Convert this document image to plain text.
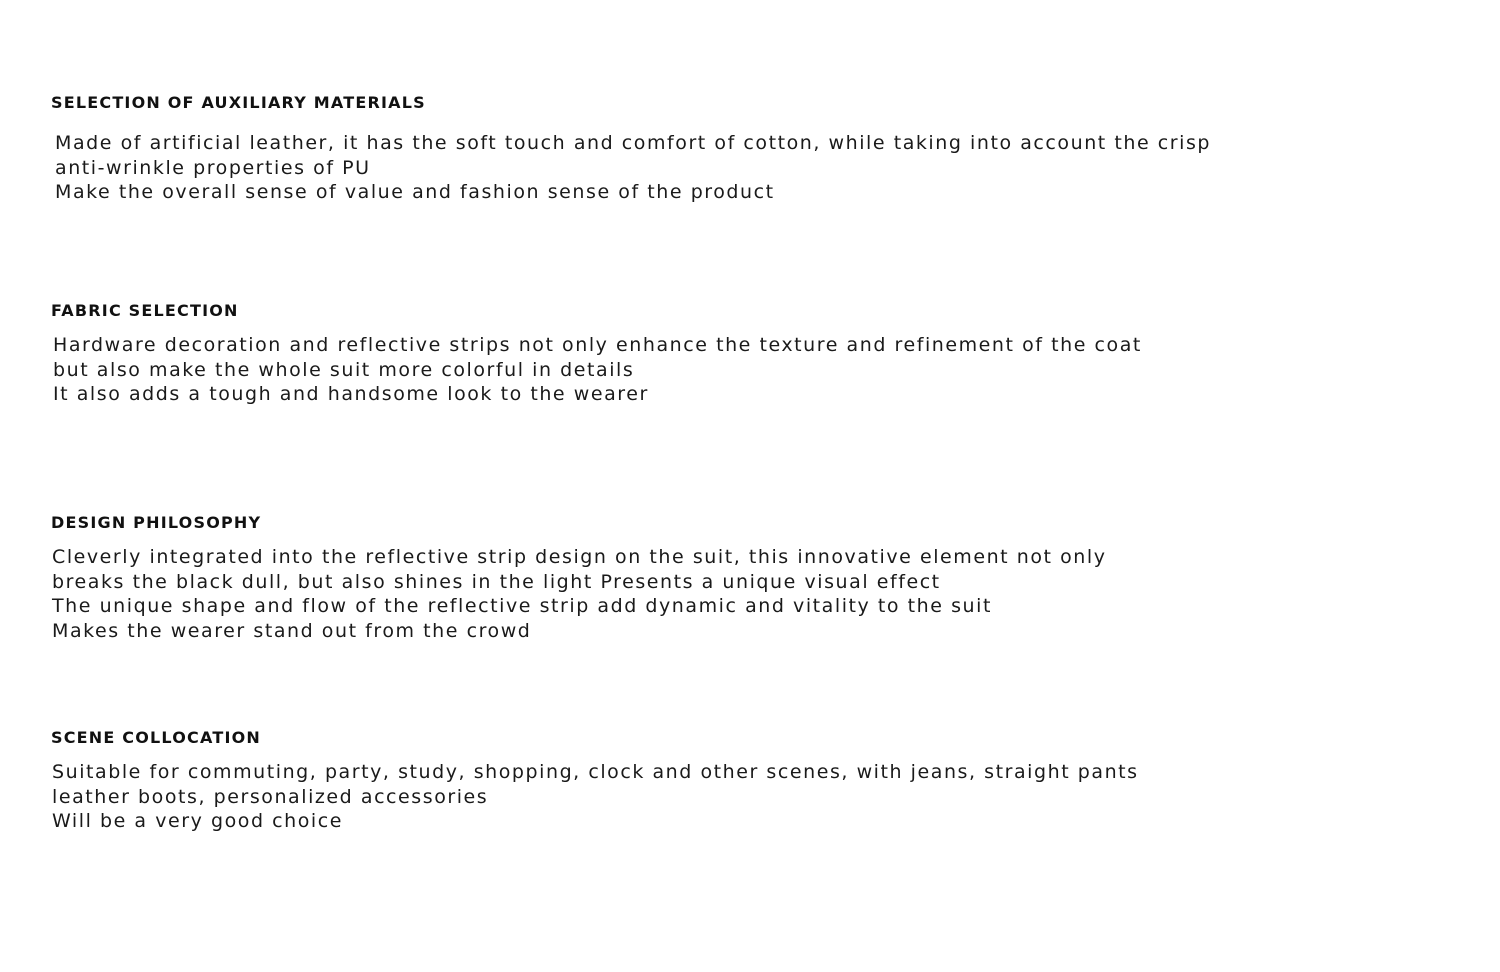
SELECTION OF AUXILIARY MATERIALS
Made of artificial leather, it has the soft touch and comfort of cotton, while taking into account the crisp
anti-wrinkle properties of PU
Make the overall sense of value and fashion sense of the product
FABRIC SELECTION
Hardware decoration and reflective strips not only enhance the texture and refinement of the coat
but also make the whole suit more colorful in details
It also adds a tough and handsome look to the wearer
DESIGN PHILOSOPHY
Cleverly integrated into the reflective strip design on the suit, this innovative element not only
breaks the black dull, but also shines in the light Presents a unique visual effect
The unique shape and flow of the reflective strip add dynamic and vitality to the suit
Makes the wearer stand out from the crowd
SCENE COLLOCATION
Suitable for commuting, party, study, shopping, clock and other scenes, with jeans, straight pants
leather boots, personalized accessories
Will be a very good choice
